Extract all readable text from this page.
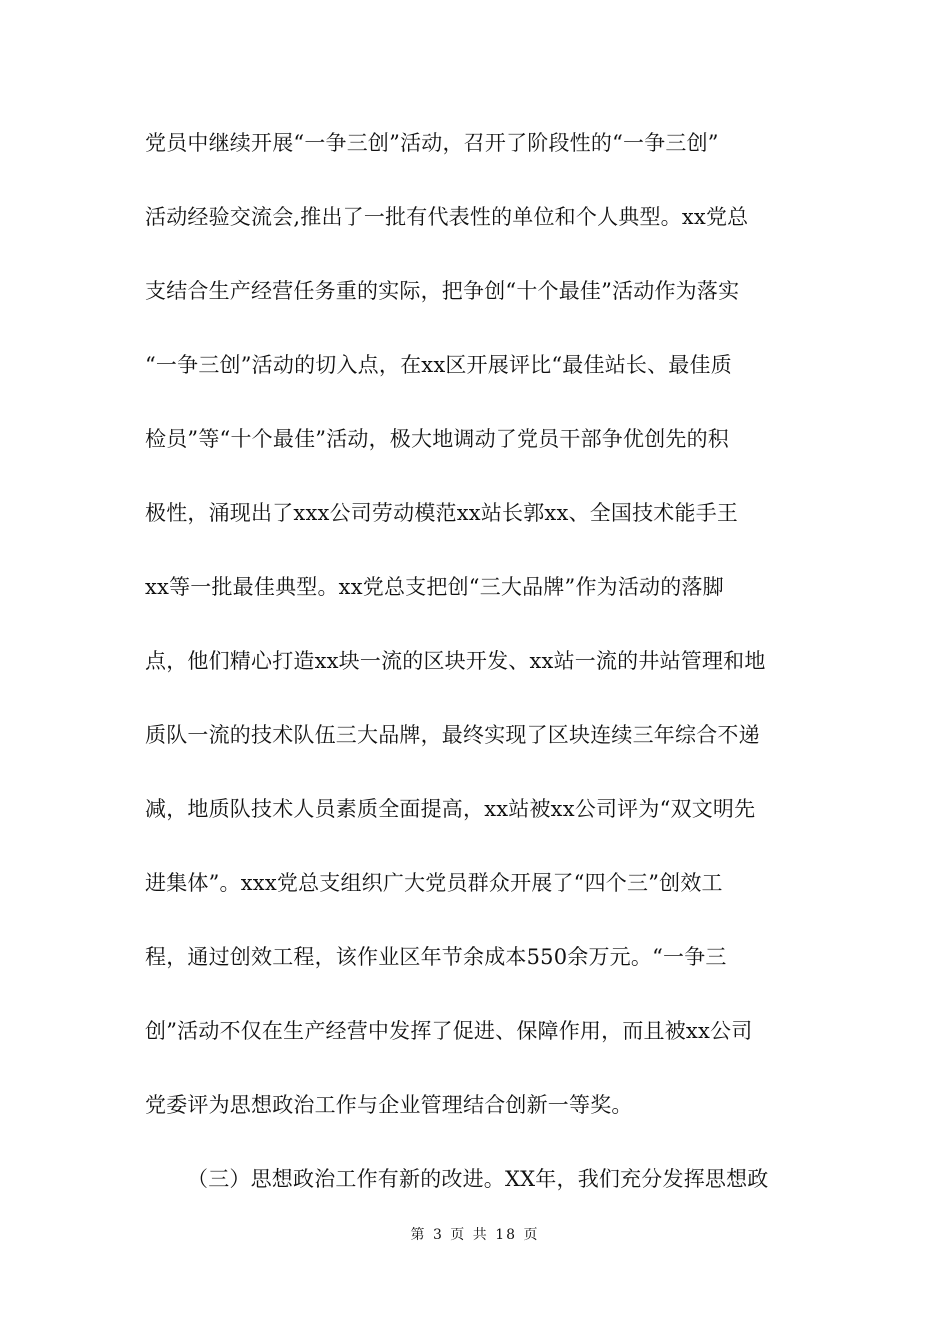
党员中继续开展“一争三创”活动，召开了阶段性的“一争三创”
活动经验交流会,推出了一批有代表性的单位和个人典型。xx党总
支结合生产经营任务重的实际，把争创“十个最佳”活动作为落实
“一争三创”活动的切入点，在xx区开展评比“最佳站长、最佳质
检员”等“十个最佳”活动，极大地调动了党员干部争优创先的积
极性，涌现出了xxx公司劳动模范xx站长郭xx、全国技术能手王
xx等一批最佳典型。xx党总支把创“三大品牌”作为活动的落脚
点，他们精心打造xx块一流的区块开发、xx站一流的井站管理和地
质队一流的技术队伍三大品牌，最终实现了区块连续三年综合不递
减，地质队技术人员素质全面提高，xx站被xx公司评为“双文明先
进集体”。xxx党总支组织广大党员群众开展了“四个三”创效工
程，通过创效工程，该作业区年节余成本550余万元。“一争三
创”活动不仅在生产经营中发挥了促进、保障作用，而且被xx公司
党委评为思想政治工作与企业管理结合创新一等奖。
（三）思想政治工作有新的改进。XX年，我们充分发挥思想政
第 3 页 共 18 页
